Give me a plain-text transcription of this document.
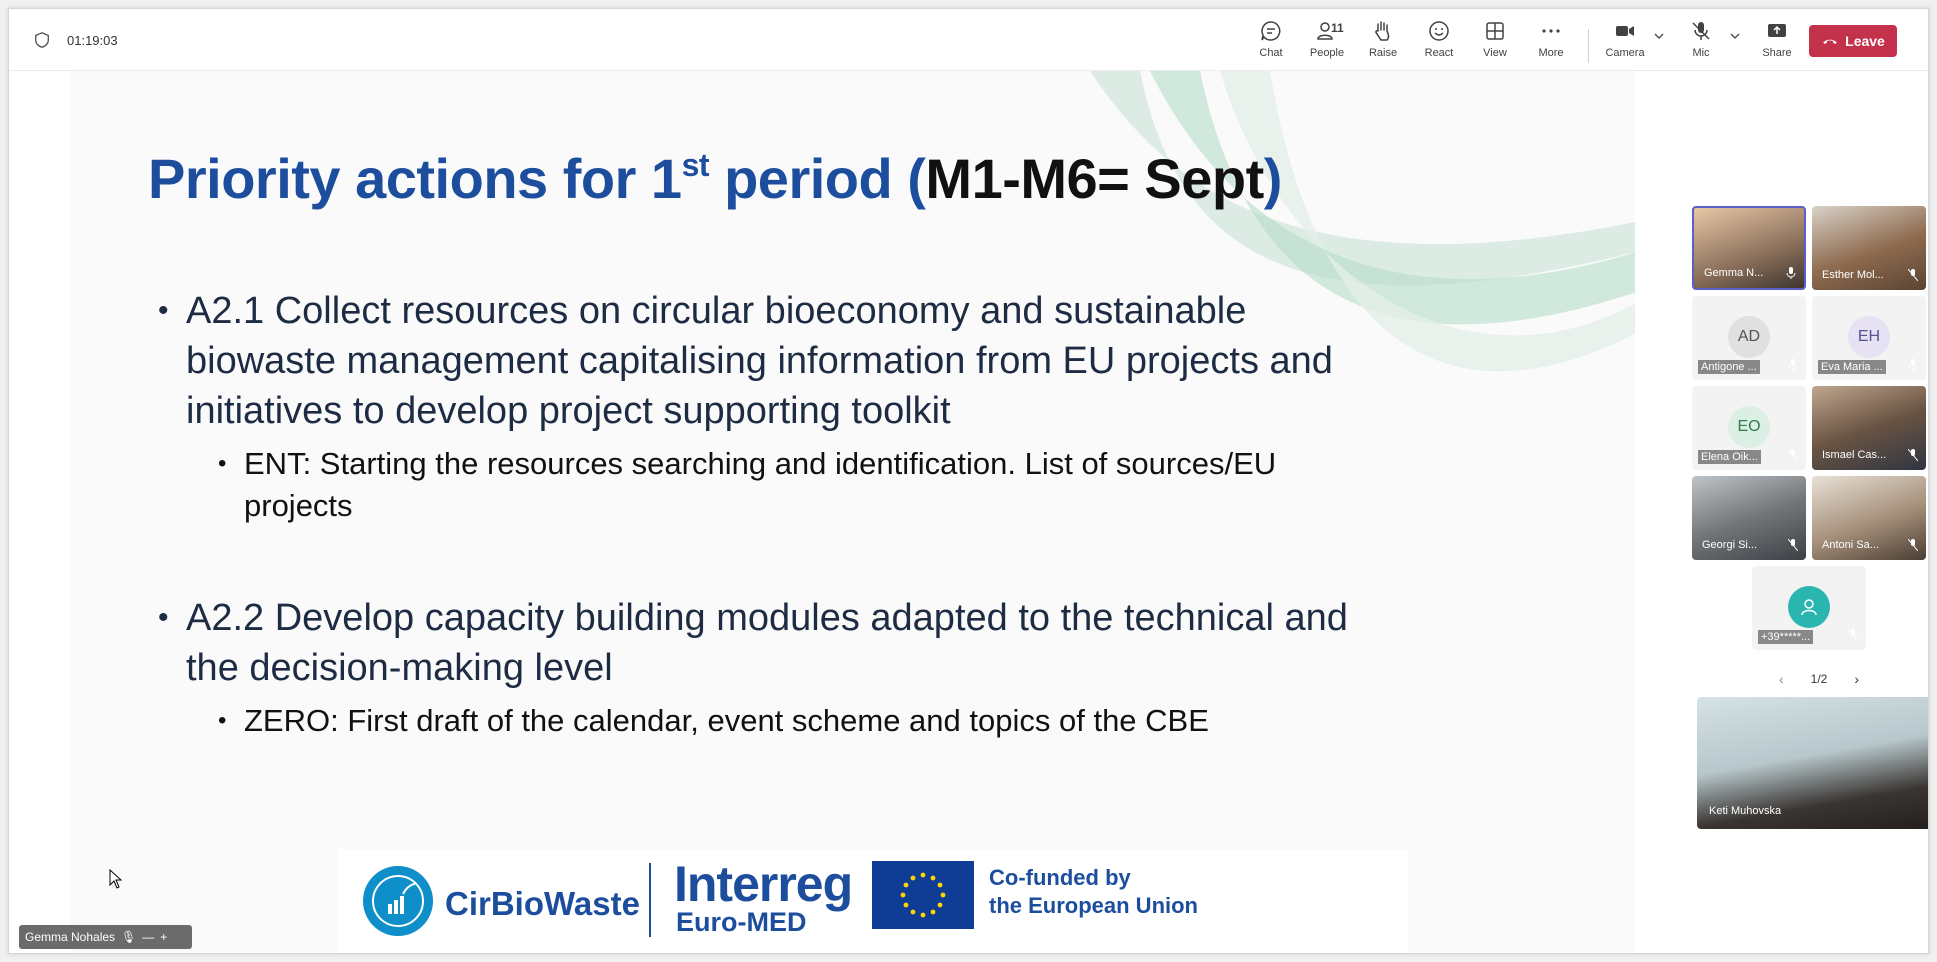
01:19:03
Chat
11
People Raise	React	View	More	Camera	Mic	Share
Leave
Priority actions for 1st period (M1-M6= Sept)
• A2.1 Collect resources on circular bioeconomy and sustainable
biowaste management capitalising information from EU projects and
initiatives to develop project supporting toolkit
• ENT: Starting the resources searching and identification. List of sources/EU
projects
• A2.2 Develop capacity building modules adapted to the technical and
the decision-making level
• ZERO: First draft of the calendar, event scheme and topics of the CBE
CirBioWaste Interreg
Euro-MED
Co-funded by
the European Union
Gemma N...	Esther Mol...
AD
Antigone ...
EH
Eva Maria ...
EO
Elena Oik...	Ismael Cas...
Georgi Si...	Antoni Sa...
+39*****...
‹ 1/2 ›
Keti Muhovska
Gemma Nohales 🎙 — +
